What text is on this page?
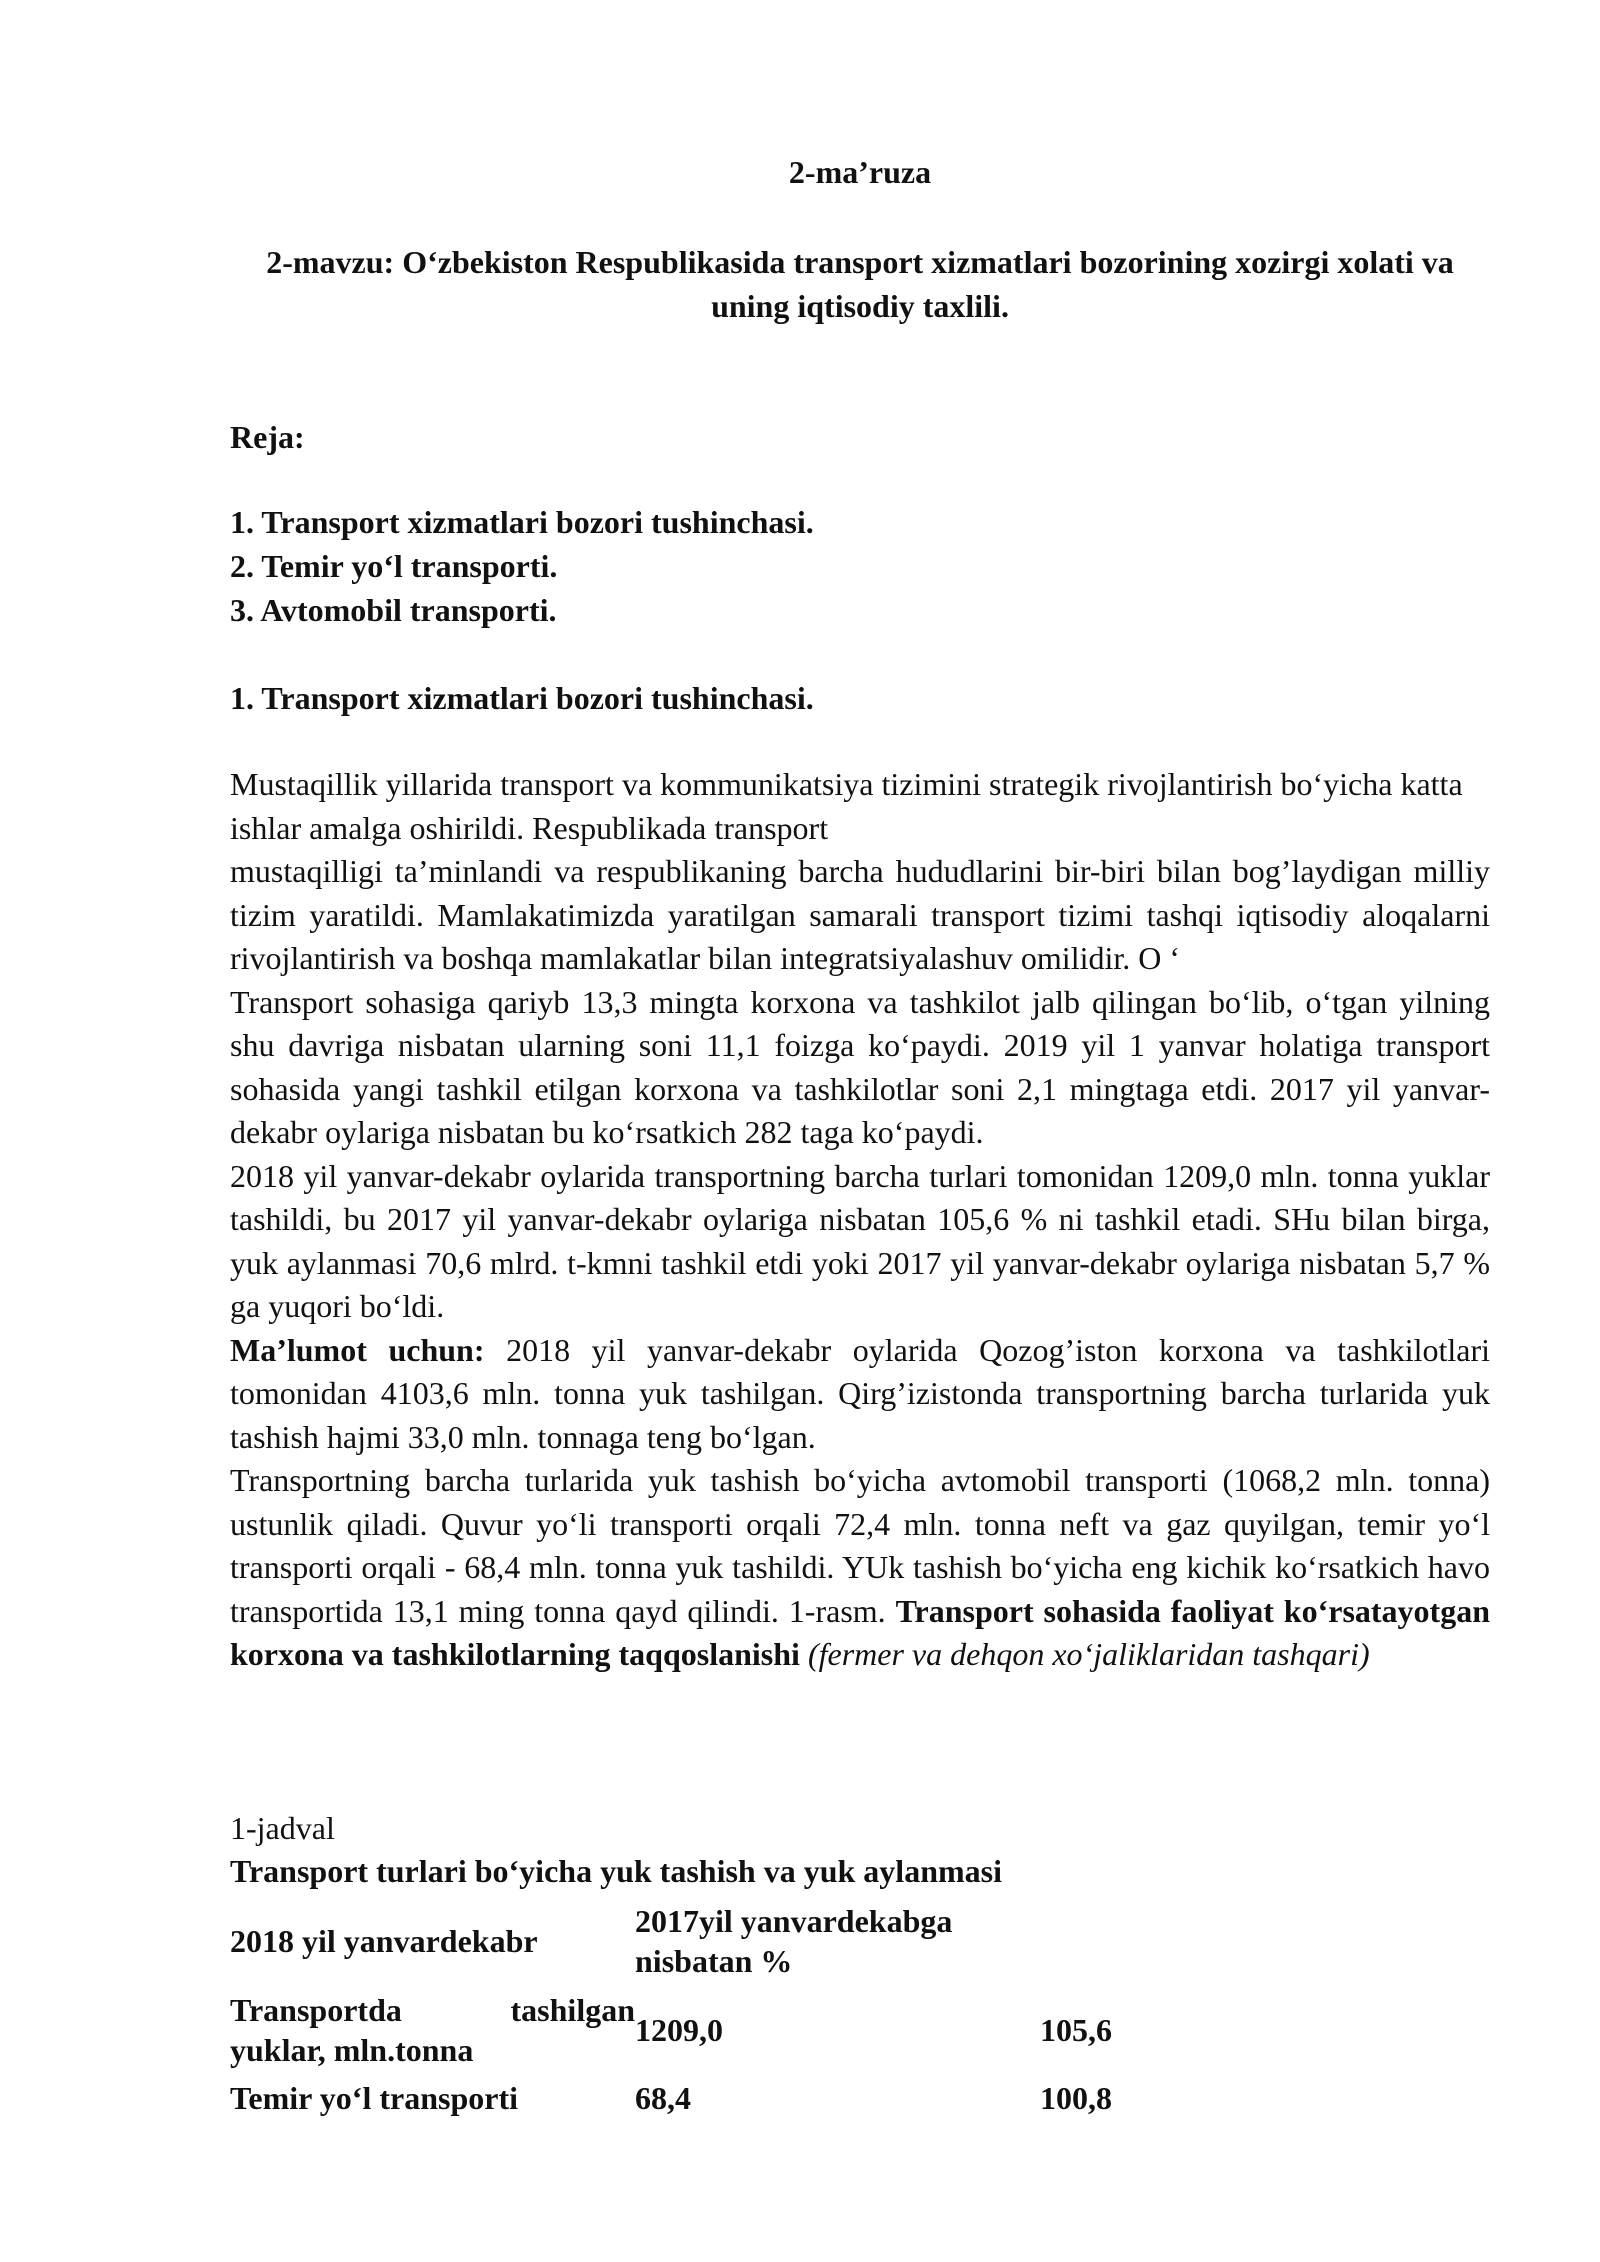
2-ma’ruza
2-mavzu: O‘zbekiston Respublikasida transport xizmatlari bozorining xozirgi xolati va uning iqtisodiy taxlili.
Reja:
1. Transport xizmatlari bozori tushinchasi.
2. Temir yo‘l transporti.
3. Avtomobil transporti.
1. Transport xizmatlari bozori tushinchasi.

Mustaqillik yillarida transport va kommunikatsiya tizimini strategik rivojlantirish bo‘yicha katta ishlar amalga oshirildi. Respublikada transport

mustaqilligi ta’minlandi va respublikaning barcha hududlarini bir-biri bilan bog’laydigan milliy tizim yaratildi. Mamlakatimizda yaratilgan samarali transport tizimi tashqi iqtisodiy aloqalarni rivojlantirish va boshqa mamlakatlar bilan integratsiyalashuv omilidir. O ‘

Transport sohasiga qariyb 13,3 mingta korxona va tashkilot jalb qilingan bo‘lib, o‘tgan yilning shu davriga nisbatan ularning soni 11,1 foizga ko‘paydi. 2019 yil 1 yanvar holatiga transport sohasida yangi tashkil etilgan korxona va tashkilotlar soni 2,1 mingtaga etdi. 2017 yil yanvar-dekabr oylariga nisbatan bu ko‘rsatkich 282 taga ko‘paydi.

2018 yil yanvar-dekabr oylarida transportning barcha turlari tomonidan 1209,0 mln. tonna yuklar tashildi, bu 2017 yil yanvar-dekabr oylariga nisbatan 105,6 % ni tashkil etadi. SHu bilan birga, yuk aylanmasi 70,6 mlrd. t-kmni tashkil etdi yoki 2017 yil yanvar-dekabr oylariga nisbatan 5,7 % ga yuqori bo‘ldi.

Ma’lumot uchun: 2018 yil yanvar-dekabr oylarida Qozog’iston korxona va tashkilotlari tomonidan 4103,6 mln. tonna yuk tashilgan. Qirg’izistonda transportning barcha turlarida yuk tashish hajmi 33,0 mln. tonnaga teng bo‘lgan.

Transportning barcha turlarida yuk tashish bo‘yicha avtomobil transporti (1068,2 mln. tonna) ustunlik qiladi. Quvur yo‘li transporti orqali 72,4 mln. tonna neft va gaz quyilgan, temir yo‘l transporti orqali - 68,4 mln. tonna yuk tashildi. YUk tashish bo‘yicha eng kichik ko‘rsatkich havo transportida 13,1 ming tonna qayd qilindi. 1-rasm. Transport sohasida faoliyat ko‘rsatayotgan korxona va tashkilotlarning taqqoslanishi (fermer va dehqon xo‘jaliklaridan tashqari)

1-jadval
Transport turlari bo‘yicha yuk tashish va yuk aylanmasi
2018 yil yanvardekabr	2017yil yanvardekabga nisbatan %	
Transportda tashilgan yuklar, mln.tonna	1209,0	105,6
Temir yo‘l transporti	68,4	100,8
